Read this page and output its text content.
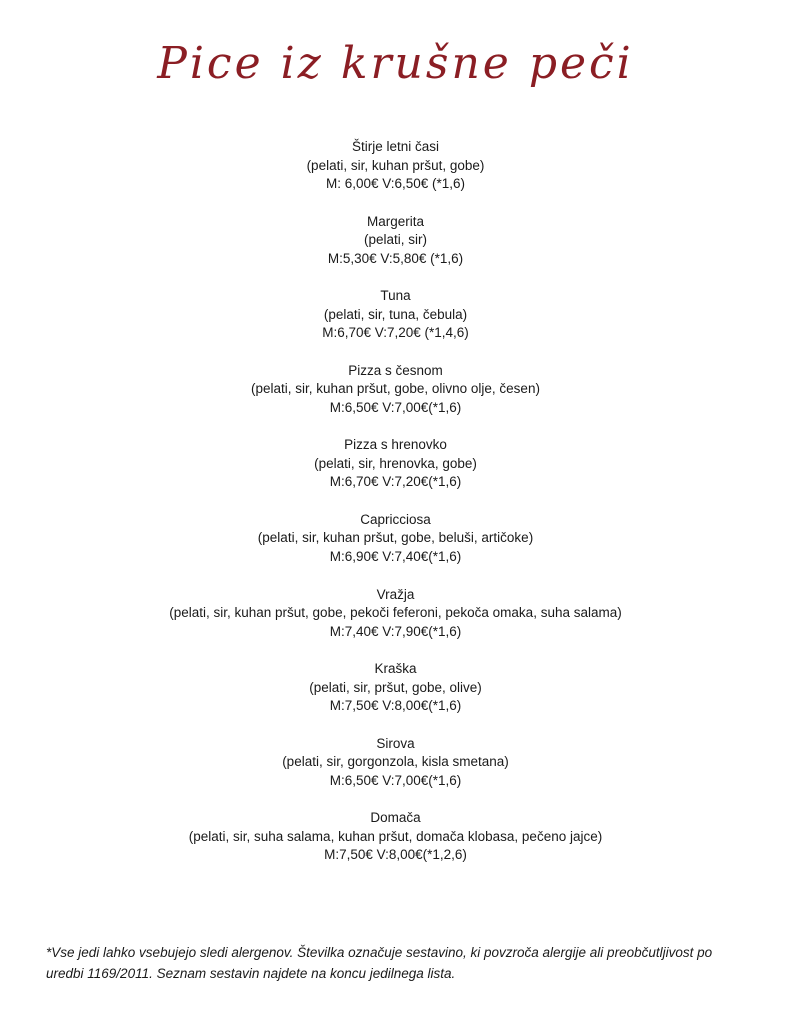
Pice iz krušne peči
Štirje letni časi
(pelati, sir, kuhan pršut, gobe)
M: 6,00€ V:6,50€ (*1,6)
Margerita
(pelati, sir)
M:5,30€ V:5,80€ (*1,6)
Tuna
(pelati, sir, tuna, čebula)
M:6,70€ V:7,20€ (*1,4,6)
Pizza s česnom
(pelati, sir, kuhan pršut, gobe, olivno olje, česen)
M:6,50€ V:7,00€(*1,6)
Pizza s hrenovko
(pelati, sir, hrenovka, gobe)
M:6,70€ V:7,20€(*1,6)
Capricciosa
(pelati, sir, kuhan pršut, gobe, beluši, artičoke)
M:6,90€ V:7,40€(*1,6)
Vražja
(pelati, sir, kuhan pršut, gobe, pekoči feferoni, pekoča omaka, suha salama)
M:7,40€ V:7,90€(*1,6)
Kraška
(pelati, sir, pršut, gobe, olive)
M:7,50€ V:8,00€(*1,6)
Sirova
(pelati, sir, gorgonzola, kisla smetana)
M:6,50€ V:7,00€(*1,6)
Domača
(pelati, sir, suha salama, kuhan pršut, domača klobasa, pečeno jajce)
M:7,50€ V:8,00€(*1,2,6)
*Vse jedi lahko vsebujejo sledi alergenov. Številka označuje sestavino, ki povzroča alergije ali preobčutljivost po
uredbi 1169/2011. Seznam sestavin najdete na koncu jedilnega lista.
